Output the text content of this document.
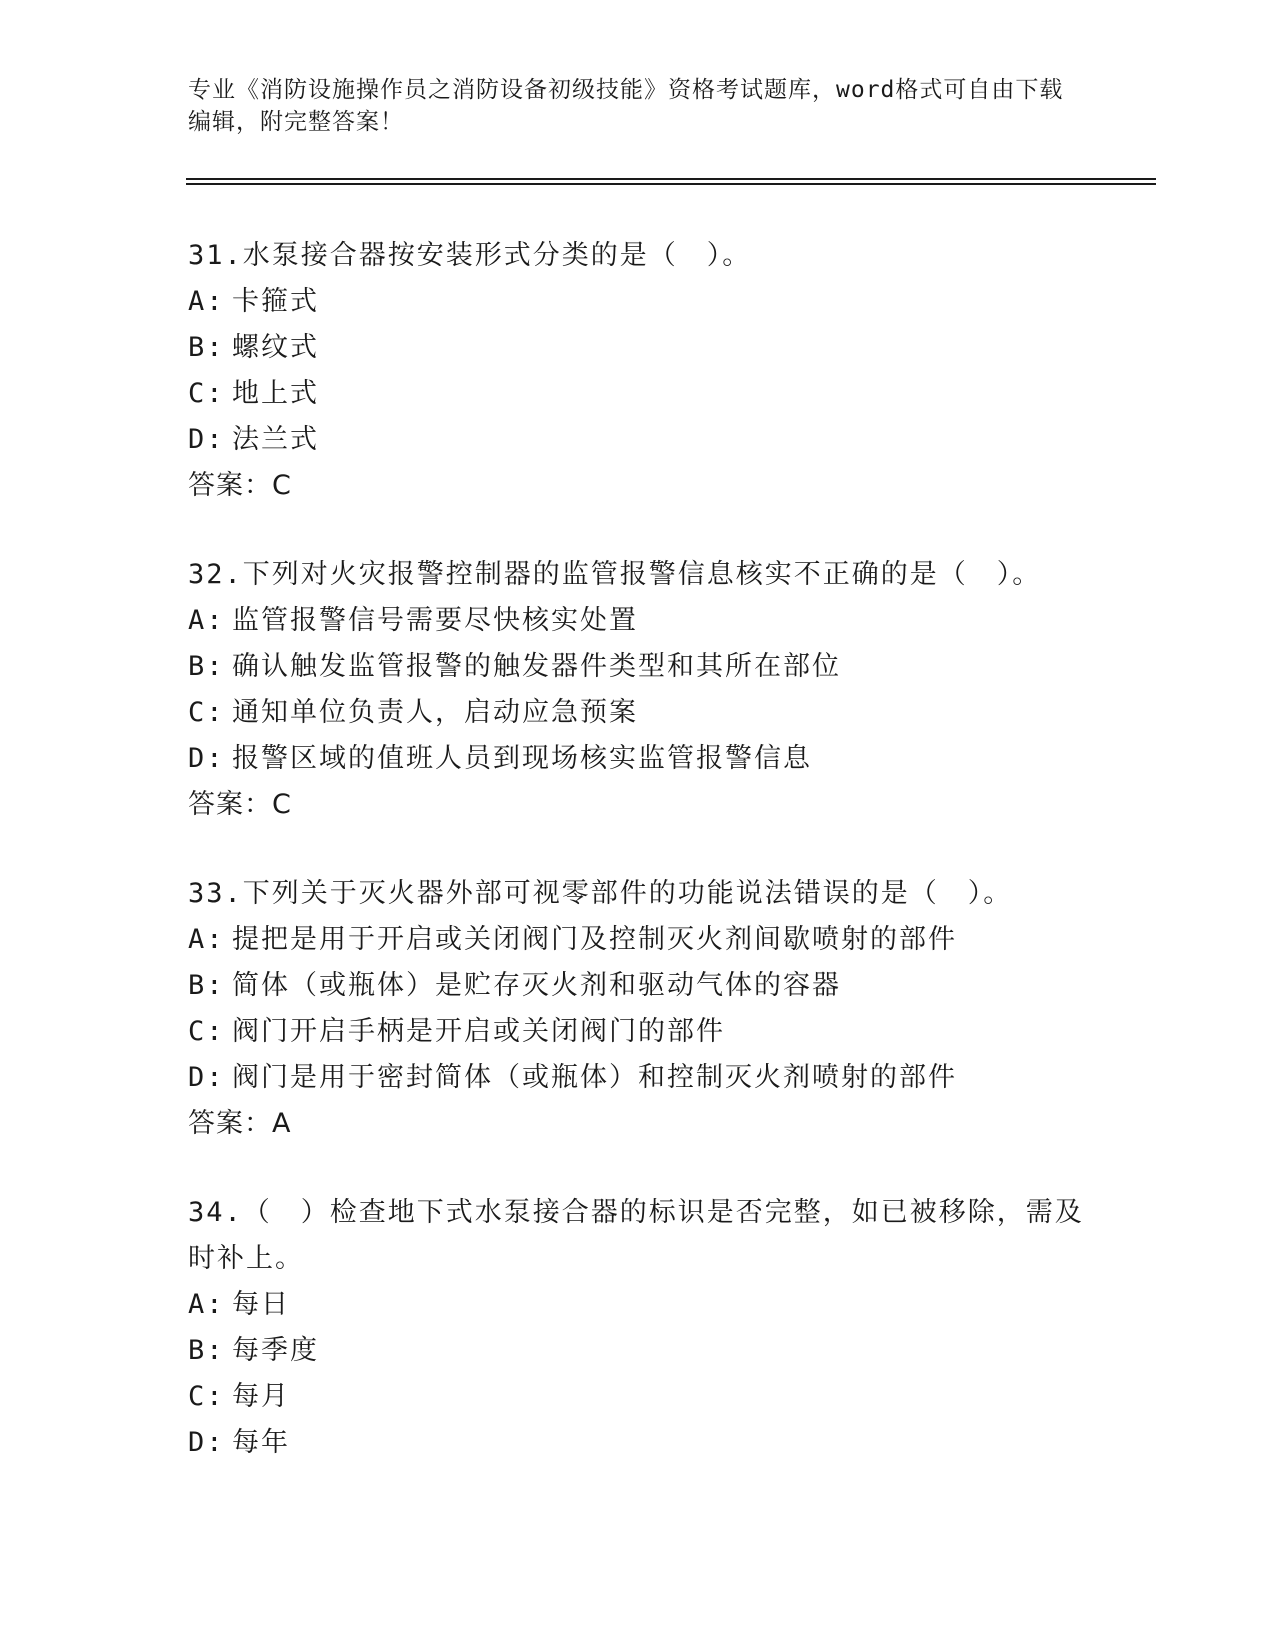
专业《消防设施操作员之消防设备初级技能》资格考试题库，word格式可自由下载编辑，附完整答案！

31.水泵接合器按安装形式分类的是（　）。

A: 卡箍式
B: 螺纹式
C: 地上式
D: 法兰式
答案：C

32.下列对火灾报警控制器的监管报警信息核实不正确的是（　）。

A: 监管报警信号需要尽快核实处置
B: 确认触发监管报警的触发器件类型和其所在部位
C: 通知单位负责人，启动应急预案
D: 报警区域的值班人员到现场核实监管报警信息
答案：C

33.下列关于灭火器外部可视零部件的功能说法错误的是（　）。

A: 提把是用于开启或关闭阀门及控制灭火剂间歇喷射的部件
B: 简体（或瓶体）是贮存灭火剂和驱动气体的容器
C: 阀门开启手柄是开启或关闭阀门的部件
D: 阀门是用于密封简体（或瓶体）和控制灭火剂喷射的部件
答案：A

34.（　）检查地下式水泵接合器的标识是否完整，如已被移除，需及时补上。

A: 每日
B: 每季度
C: 每月
D: 每年
